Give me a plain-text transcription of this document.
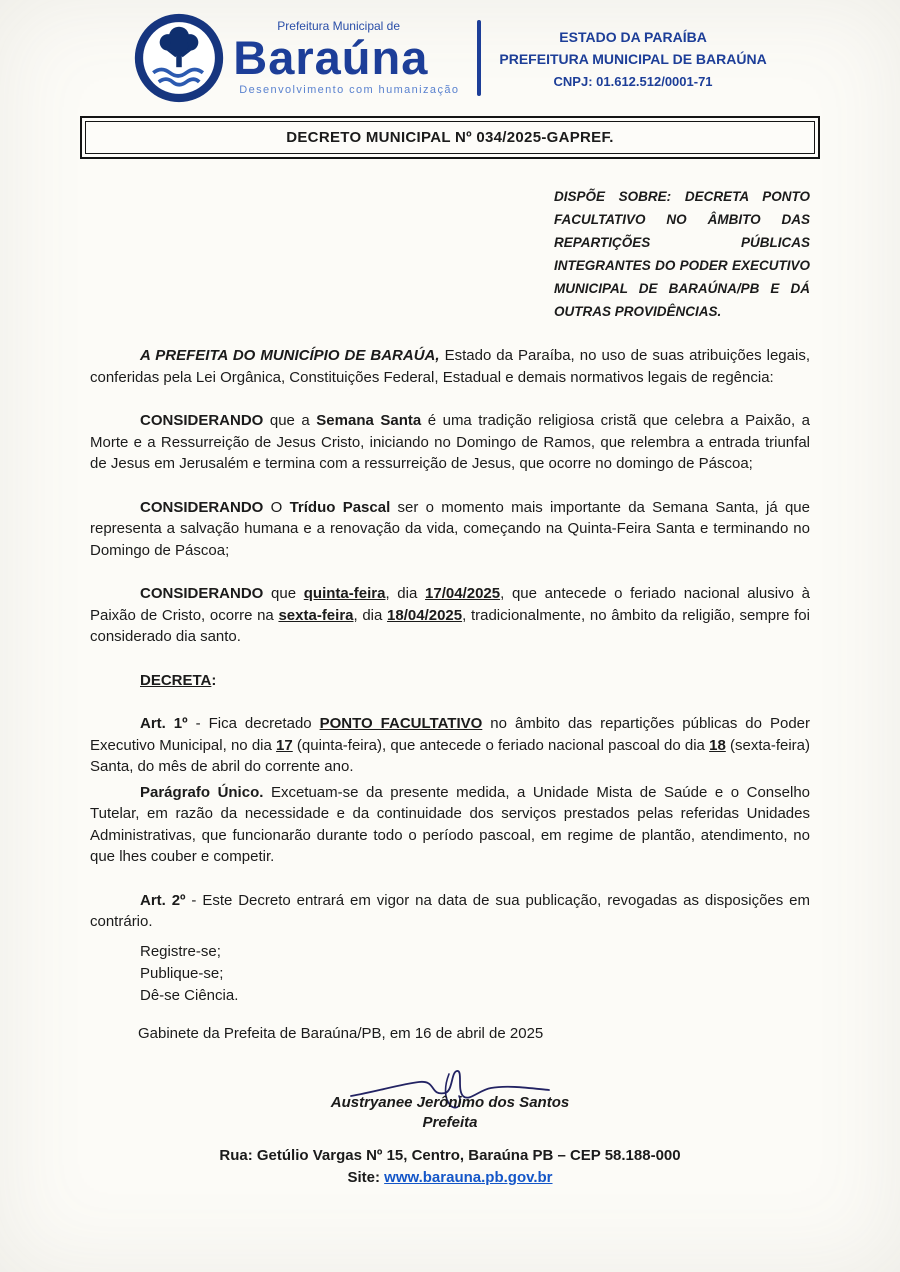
Prefeitura Municipal de
Baraúna
Desenvolvimento com humanização
ESTADO DA PARAÍBA
PREFEITURA MUNICIPAL DE BARAÚNA
CNPJ: 01.612.512/0001-71
DECRETO MUNICIPAL Nº 034/2025-GAPREF.
DISPÕE SOBRE: DECRETA PONTO FACULTATIVO NO ÂMBITO DAS REPARTIÇÕES PÚBLICAS INTEGRANTES DO PODER EXECUTIVO MUNICIPAL DE BARAÚNA/PB E DÁ OUTRAS PROVIDÊNCIAS.

A PREFEITA DO MUNICÍPIO DE BARAÚA, Estado da Paraíba, no uso de suas atribuições legais, conferidas pela Lei Orgânica, Constituições Federal, Estadual e demais normativos legais de regência:

CONSIDERANDO que a Semana Santa é uma tradição religiosa cristã que celebra a Paixão, a Morte e a Ressurreição de Jesus Cristo, iniciando no Domingo de Ramos, que relembra a entrada triunfal de Jesus em Jerusalém e termina com a ressurreição de Jesus, que ocorre no domingo de Páscoa;

CONSIDERANDO O Tríduo Pascal ser o momento mais importante da Semana Santa, já que representa a salvação humana e a renovação da vida, começando na Quinta-Feira Santa e terminando no Domingo de Páscoa;

CONSIDERANDO que quinta-feira, dia 17/04/2025, que antecede o feriado nacional alusivo à Paixão de Cristo, ocorre na sexta-feira, dia 18/04/2025, tradicionalmente, no âmbito da religião, sempre foi considerado dia santo.

DECRETA:

Art. 1º - Fica decretado PONTO FACULTATIVO no âmbito das repartições públicas do Poder Executivo Municipal, no dia 17 (quinta-feira), que antecede o feriado nacional pascoal do dia 18 (sexta-feira) Santa, do mês de abril do corrente ano.

Parágrafo Único. Excetuam-se da presente medida, a Unidade Mista de Saúde e o Conselho Tutelar, em razão da necessidade e da continuidade dos serviços prestados pelas referidas Unidades Administrativas, que funcionarão durante todo o período pascoal, em regime de plantão, atendimento, no que lhes couber e competir.

Art. 2º - Este Decreto entrará em vigor na data de sua publicação, revogadas as disposições em contrário.

Registre-se;
Publique-se;
Dê-se Ciência.

Gabinete da Prefeita de Baraúna/PB, em 16 de abril de 2025

Austryanee Jerônimo dos Santos
Prefeita
Rua: Getúlio Vargas Nº 15, Centro, Baraúna PB – CEP 58.188-000
Site: www.barauna.pb.gov.br
